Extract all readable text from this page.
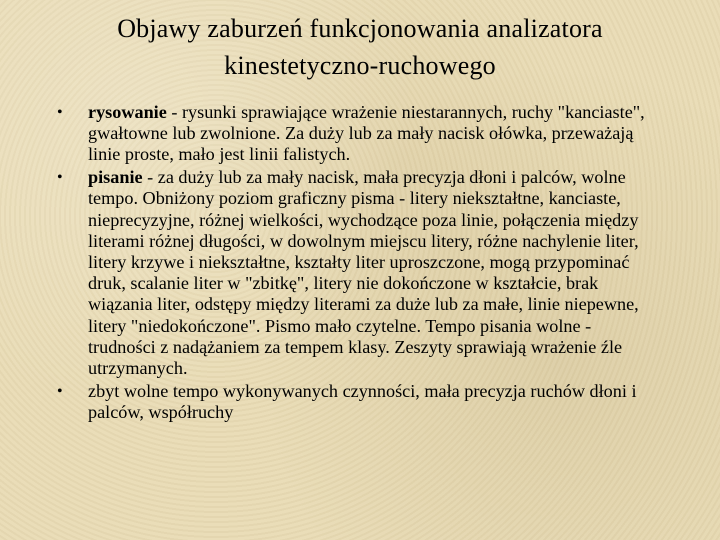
Objawy zaburzeń funkcjonowania analizatora
kinestetyczno-ruchowego
• rysowanie - rysunki sprawiające wrażenie niestarannych, ruchy "kanciaste", gwałtowne lub zwolnione. Za duży lub za mały nacisk ołówka, przeważają linie proste, mało jest linii falistych.
• pisanie - za duży lub za mały nacisk, mała precyzja dłoni i palców, wolne tempo. Obniżony poziom graficzny pisma - litery niekształtne, kanciaste, nieprecyzyjne, różnej wielkości, wychodzące poza linie, połączenia między literami różnej długości, w dowolnym miejscu litery, różne nachylenie liter, litery krzywe i niekształtne, kształty liter uproszczone, mogą przypominać druk, scalanie liter w "zbitkę", litery nie dokończone w kształcie, brak wiązania liter, odstępy między literami za duże lub za małe, linie niepewne, litery "niedokończone". Pismo mało czytelne. Tempo pisania wolne - trudności z nadążaniem za tempem klasy. Zeszyty sprawiają wrażenie źle utrzymanych.
• zbyt wolne tempo wykonywanych czynności, mała precyzja ruchów dłoni i palców, współruchy
